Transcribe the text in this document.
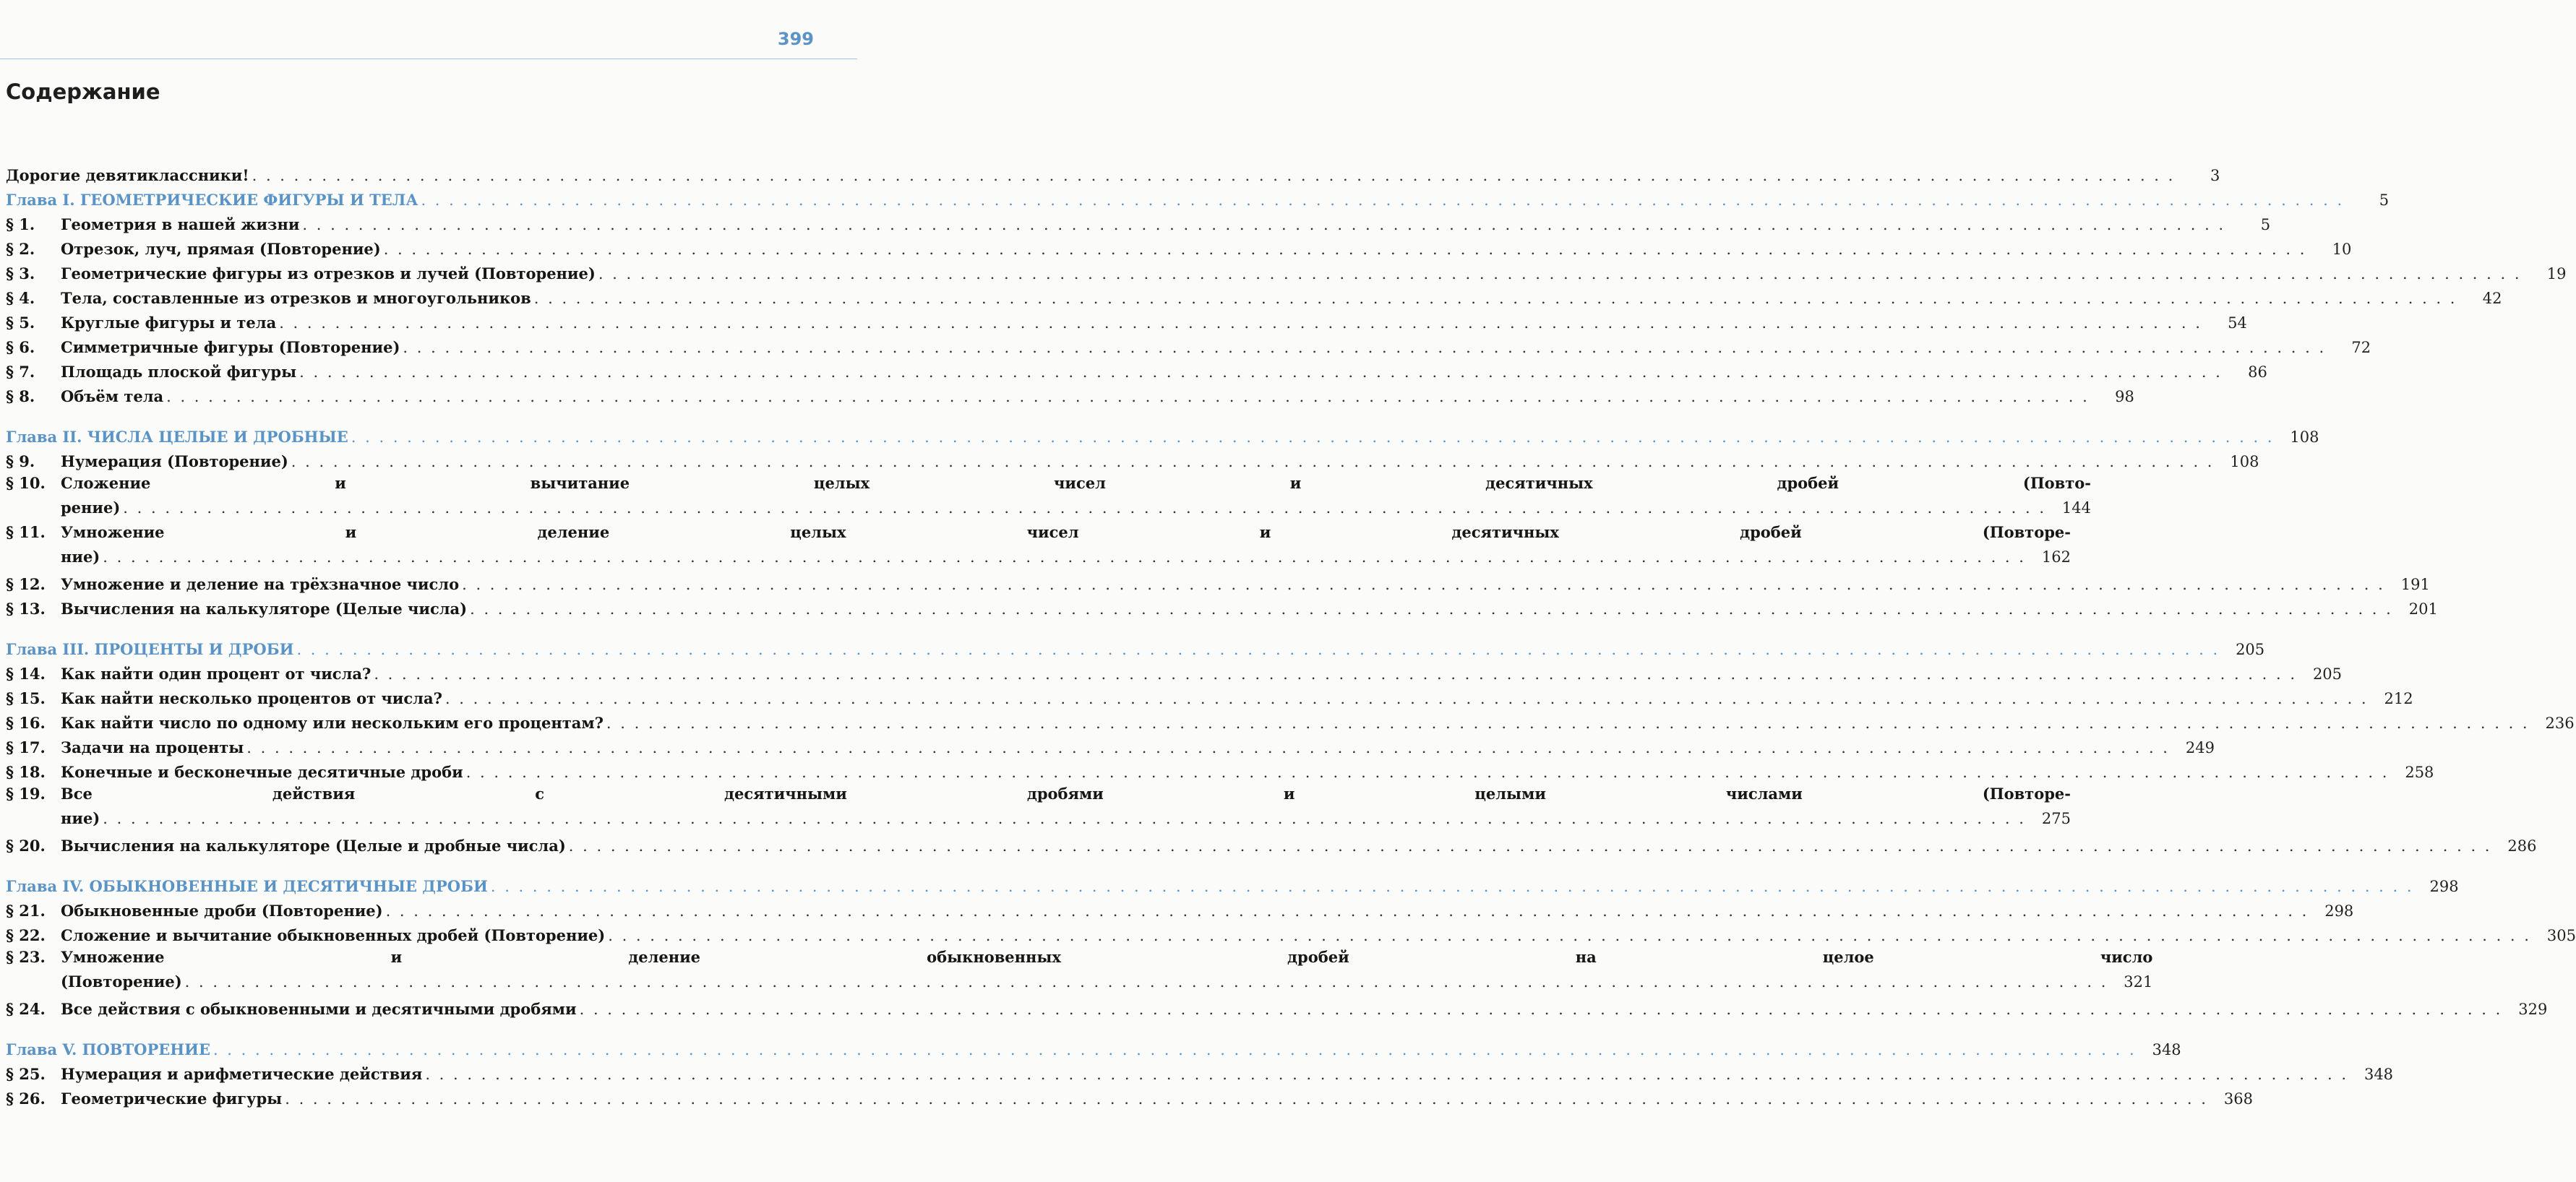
399
Содержание
Дорогие девятиклассники! . . .	3
Глава I. ГЕОМЕТРИЧЕСКИЕ ФИГУРЫ И ТЕЛА . . .	5
§ 1.	Геометрия в нашей жизни . . .	5
§ 2.	Отрезок, луч, прямая (Повторение) . . .	10
§ 3.	Геометрические фигуры из отрезков и лучей (Повторение) . . .	19
§ 4.	Тела, составленные из отрезков и многоугольников . . .	42
§ 5.	Круглые фигуры и тела . . .	54
§ 6.	Симметричные фигуры (Повторение) . . .	72
§ 7.	Площадь плоской фигуры . . .	86
§ 8.	Объём тела . . .	98
Глава II. ЧИСЛА ЦЕЛЫЕ И ДРОБНЫЕ . . .	108
§ 9.	Нумерация (Повторение) . . .	108
§ 10.	Сложение и вычитание целых чисел и десятичных дробей (Повто-
рение) . . .	144
§ 11.	Умножение и деление целых чисел и десятичных дробей (Повторе-
ние) . . .	162
§ 12.	Умножение и деление на трёхзначное число . . .	191
§ 13.	Вычисления на калькуляторе (Целые числа) . . .	201
Глава III. ПРОЦЕНТЫ И ДРОБИ . . .	205
§ 14.	Как найти один процент от числа? . . .	205
§ 15.	Как найти несколько процентов от числа? . . .	212
§ 16.	Как найти число по одному или нескольким его процентам? . . .	236
§ 17.	Задачи на проценты . . .	249
§ 18.	Конечные и бесконечные десятичные дроби . . .	258
§ 19.	Все действия с десятичными дробями и целыми числами (Повторе-
ние) . . .	275
§ 20.	Вычисления на калькуляторе (Целые и дробные числа) . . .	286
Глава IV. ОБЫКНОВЕННЫЕ И ДЕСЯТИЧНЫЕ ДРОБИ . . .	298
§ 21.	Обыкновенные дроби (Повторение) . . .	298
§ 22.	Сложение и вычитание обыкновенных дробей (Повторение) . . .	305
§ 23.	Умножение и деление обыкновенных дробей на целое число
(Повторение) . . .	321
§ 24.	Все действия с обыкновенными и десятичными дробями . . .	329
Глава V. ПОВТОРЕНИЕ . . .	348
§ 25.	Нумерация и арифметические действия . . .	348
§ 26.	Геометрические фигуры . . .	368
